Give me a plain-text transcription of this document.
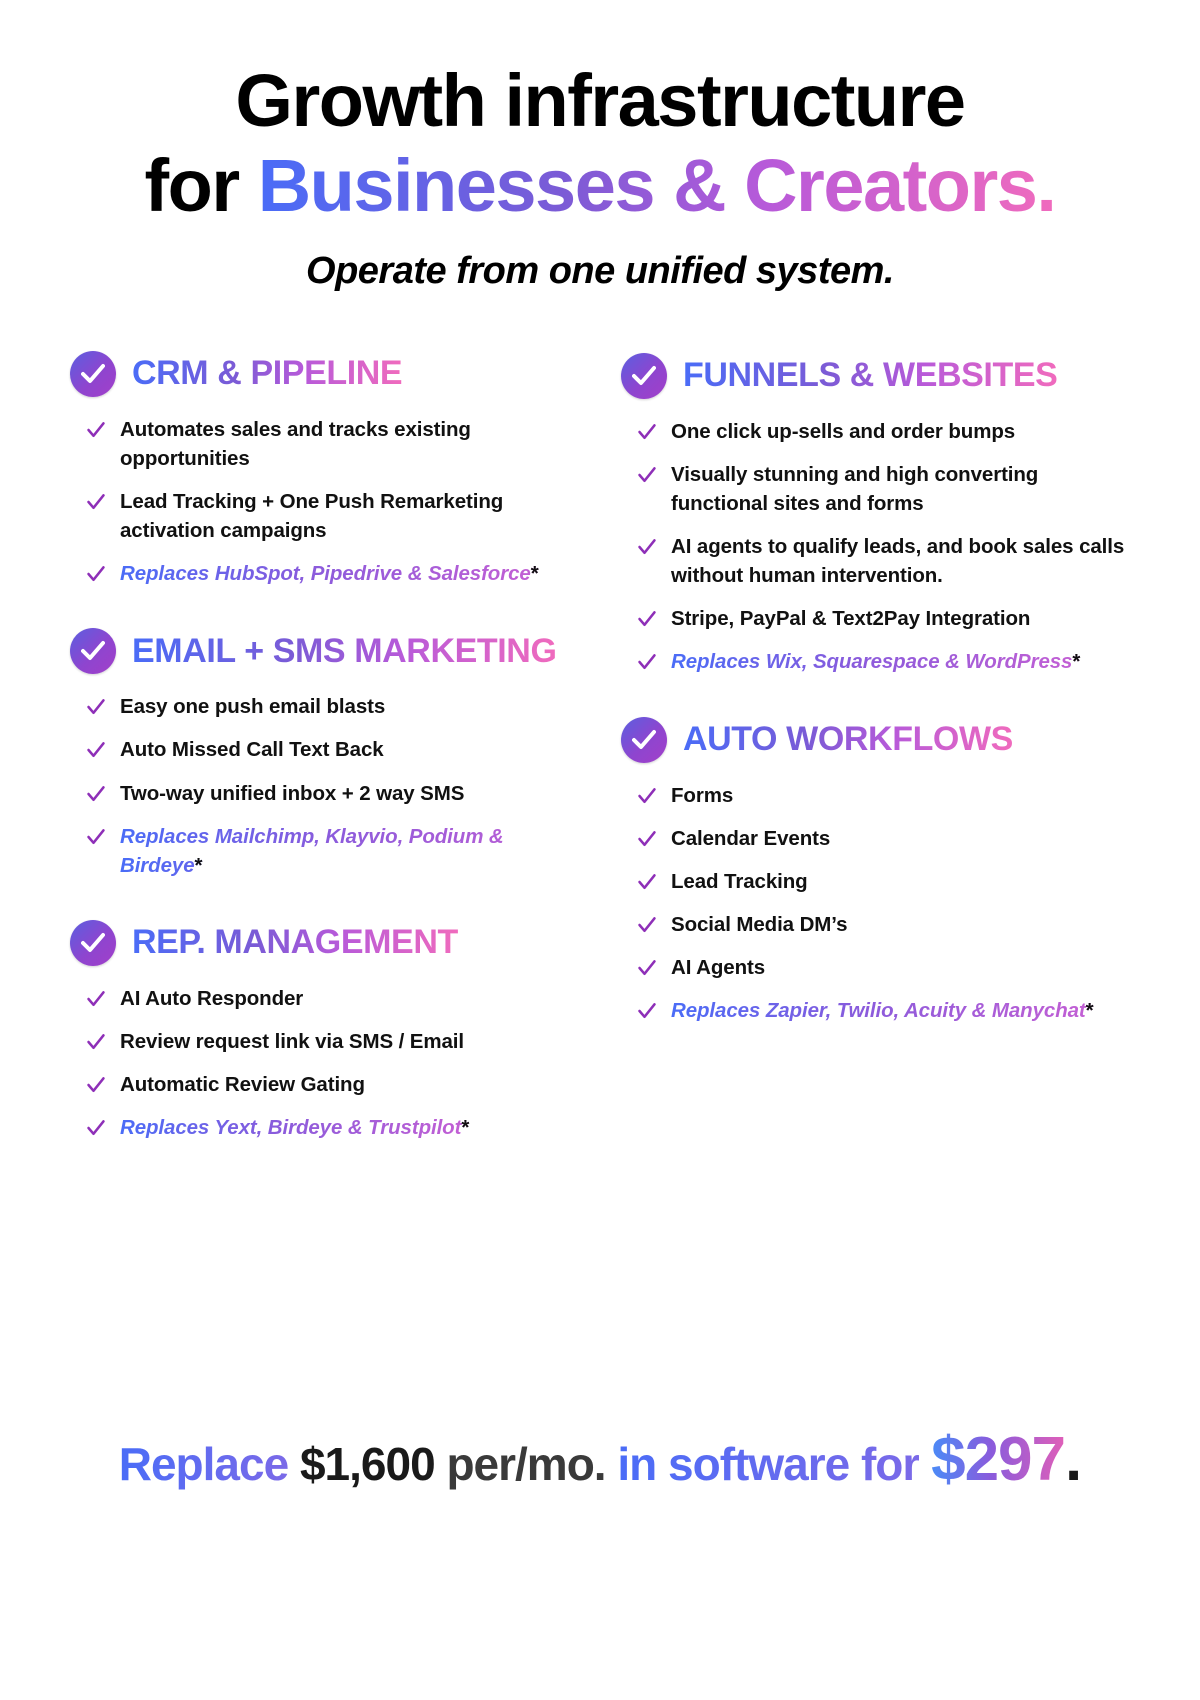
Growth infrastructure
for Businesses & Creators.
Operate from one unified system.
CRM & PIPELINE
Automates sales and tracks existing opportunities
Lead Tracking + One Push Remarketing activation campaigns
Replaces HubSpot, Pipedrive & Salesforce*
EMAIL + SMS MARKETING
Easy one push email blasts
Auto Missed Call Text Back
Two-way unified inbox + 2 way SMS
Replaces Mailchimp, Klayvio, Podium & Birdeye*
REP. MANAGEMENT
AI Auto Responder
Review request link via SMS / Email
Automatic Review Gating
Replaces Yext, Birdeye & Trustpilot*
FUNNELS & WEBSITES
One click up-sells and order bumps
Visually stunning and high converting functional sites and forms
AI agents to qualify leads, and book sales calls without human intervention.
Stripe, PayPal & Text2Pay Integration
Replaces Wix, Squarespace & WordPress*
AUTO WORKFLOWS
Forms
Calendar Events
Lead Tracking
Social Media DM’s
AI Agents
Replaces Zapier, Twilio, Acuity & Manychat*
Replace $1,600 per/mo. in software for $297.
